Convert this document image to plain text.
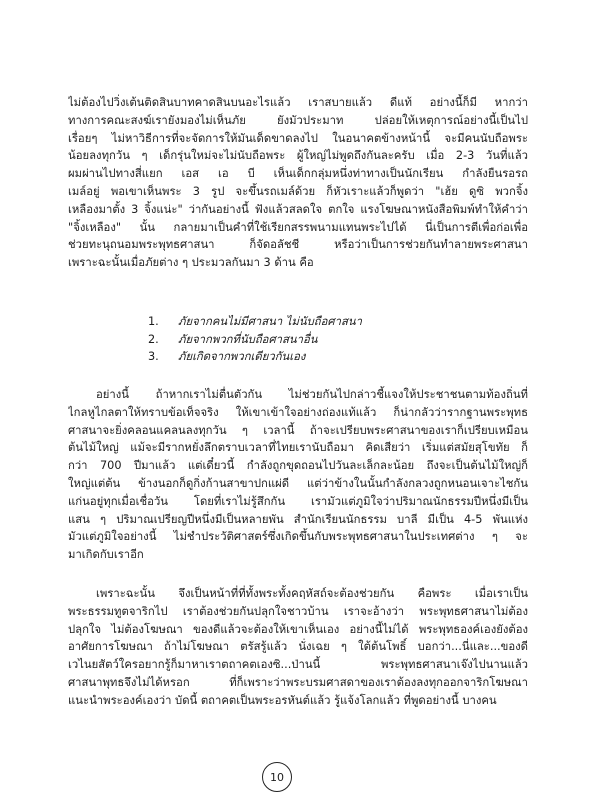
ไม่ต้องไปวิ่งเต้นติดสินบาทคาดสินบนอะไรแล้ว เราสบายแล้ว ดีแท้ อย่างนี้ก็มี หากว่า
ทางการคณะสงฆ์เรายังมองไม่เห็นภัย ยังมัวประมาท ปล่อยให้เหตุการณ์อย่างนี้เป็นไป
เรื่อยๆ ไม่หาวิธีการที่จะจัดการให้มันเด็ดขาดลงไป ในอนาคตข้างหน้านี้ จะมีคนนับถือพระ
น้อยลงทุกวัน ๆ เด็กรุ่นใหม่จะไม่นับถือพระ ผู้ใหญ่ไม่พูดถึงกันละครับ เมื่อ 2-3 วันที่แล้ว
ผมผ่านไปทางสี่แยก เอส เอ บี เห็นเด็กกลุ่มหนึ่งท่าทางเป็นนักเรียน กำลังยืนรอรถ
เมล์อยู่ พอเขาเห็นพระ 3 รูป จะขึ้นรถเมล์ด้วย ก็หัวเราะแล้วก็พูดว่า "เฮ้ย ดูซิ พวกจิ้ง
เหลืองมาตั้ง 3 จิ้งแน่ะ" ว่ากันอย่างนี้ ฟังแล้วสลดใจ ตกใจ แรงโฆษณาหนังสือพิมพ์ทำให้คำว่า
"จิ้งเหลือง" นั้น กลายมาเป็นคำที่ใช้เรียกสรรพนามแทนพระไปได้ นี่เป็นการตีเพื่อก่อเพื่อ
ช่วยทะนุถนอมพระพุทธศาสนา ก็จัดอลัชชี หรือว่าเป็นการช่วยกันทำลายพระศาสนา
เพราะฉะนั้นเมื่อภัยต่าง ๆ ประมวลกันมา 3 ด้าน คือ
1.	ภัยจากคนไม่มีศาสนา ไม่นับถือศาสนา
2.	ภัยจากพวกที่นับถือศาสนาอื่น
3.	ภัยเกิดจากพวกเดียวกันเอง
อย่างนี้ ถ้าหากเราไม่ตื่นตัวกัน ไม่ช่วยกันไปกล่าวชี้แจงให้ประชาชนตามท้องถิ่นที่
ไกลหูไกลตาให้ทราบข้อเท็จจริง ให้เขาเข้าใจอย่างถ่องแท้แล้ว ก็น่ากลัวว่ารากฐานพระพุทธ
ศาสนาจะยิ่งคลอนแคลนลงทุกวัน ๆ เวลานี้ ถ้าจะเปรียบพระศาสนาของเราก็เปรียบเหมือน
ต้นไม้ใหญ่ แม้จะมีรากหยั่งลึกตราบเวลาที่ไทยเรานับถือมา คิดเสียว่า เริ่มแต่สมัยสุโขทัย ก็
กว่า 700 ปีมาแล้ว แต่เดี๋ยวนี้ กำลังถูกขุดถอนไปวันละเล็กละน้อย ถึงจะเป็นต้นไม้ใหญ่ก็
ใหญ่แต่ต้น ข้างนอกก็ดูกิ่งก้านสาขาปกแผ่ดี แต่ว่าข้างในนั้นกำลังกลวงถูกหนอนเจาะไชกัน
แก่นอยู่ทุกเมื่อเชื่อวัน โดยที่เราไม่รู้สึกกัน เรามัวแต่ภูมิใจว่าปริมาณนักธรรมปีหนึ่งมีเป็น
แสน ๆ ปริมาณเปรียญปีหนึ่งมีเป็นหลายพัน สำนักเรียนนักธรรม บาลี มีเป็น 4-5 พันแห่ง
มัวแต่ภูมิใจอย่างนี้ ไม่ชำประวัติศาสตร์ซึ่งเกิดขึ้นกับพระพุทธศาสนาในประเทศต่าง ๆ จะ
มาเกิดกับเราอีก
เพราะฉะนั้น จึงเป็นหน้าที่ที่ทั้งพระทั้งคฤหัสถ์จะต้องช่วยกัน คือพระ เมื่อเราเป็น
พระธรรมทูตจาริกไป เราต้องช่วยกันปลุกใจชาวบ้าน เราจะอ้างว่า พระพุทธศาสนาไม่ต้อง
ปลุกใจ ไม่ต้องโฆษณา ของดีแล้วจะต้องให้เขาเห็นเอง อย่างนี้ไม่ได้ พระพุทธองค์เองยังต้อง
อาศัยการโฆษณา ถ้าไม่โฆษณา ตรัสรู้แล้ว นั่งเฉย ๆ ใต้ต้นโพธิ์ บอกว่า...นี่และ...ของดี
เวไนยสัตว์ใครอยากรู้ก็มาหาเราตถาคตเองซิ...ป่านนี้ พระพุทธศาสนาเจ๊งไปนานแล้ว
ศาสนาพุทธจึงไม่ได้หรอก ที่ก็เพราะว่าพระบรมศาสดาของเราต้องลงทุกออกจาริกโฆษณา
แนะนำพระองค์เองว่า บัดนี้ ตถาคตเป็นพระอรหันต์แล้ว รู้แจ้งโลกแล้ว ที่พูดอย่างนี้ บางคน
10
